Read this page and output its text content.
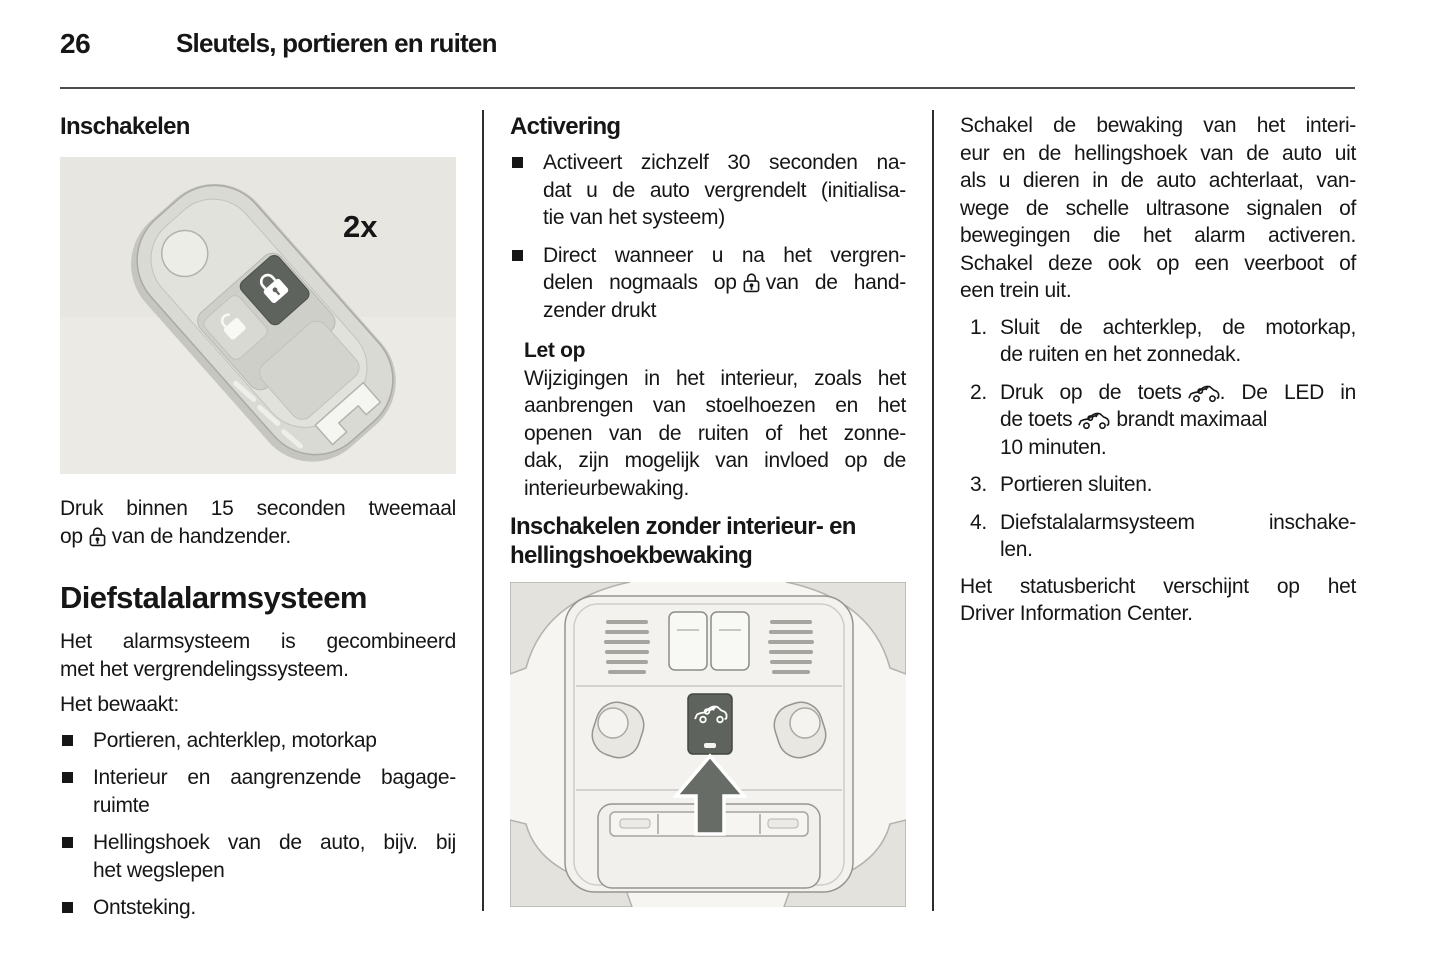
26	Sleutels, portieren en ruiten
Inschakelen
2x
Druk binnen 15 seconden tweemaal
op van de handzender.
Diefstalalarmsysteem
Het alarmsysteem is gecombineerd
met het vergrendelingssysteem.
Het bewaakt:
Portieren, achterklep, motorkap
Interieur en aangrenzende bagage-
ruimte
Hellingshoek van de auto, bijv. bij
het wegslepen
Ontsteking.
Activering
Activeert zichzelf 30 seconden na-
dat u de auto vergrendelt (initialisa-
tie van het systeem)
Direct wanneer u na het vergren-
delen nogmaals op van de hand-
zender drukt
Let op
Wijzigingen in het interieur, zoals het
aanbrengen van stoelhoezen en het
openen van de ruiten of het zonne-
dak, zijn mogelijk van invloed op de
interieurbewaking.
Inschakelen zonder interieur- en
hellingshoekbewaking
Schakel de bewaking van het interi-
eur en de hellingshoek van de auto uit
als u dieren in de auto achterlaat, van-
wege de schelle ultrasone signalen of
bewegingen die het alarm activeren.
Schakel deze ook op een veerboot of
een trein uit.
1. Sluit de achterklep, de motorkap,
de ruiten en het zonnedak.
2. Druk op de toets . De LED in
de toets brandt maximaal
10 minuten.
3. Portieren sluiten.
4. Diefstalalarmsysteem inschake-
len.
Het statusbericht verschijnt op het
Driver Information Center.
